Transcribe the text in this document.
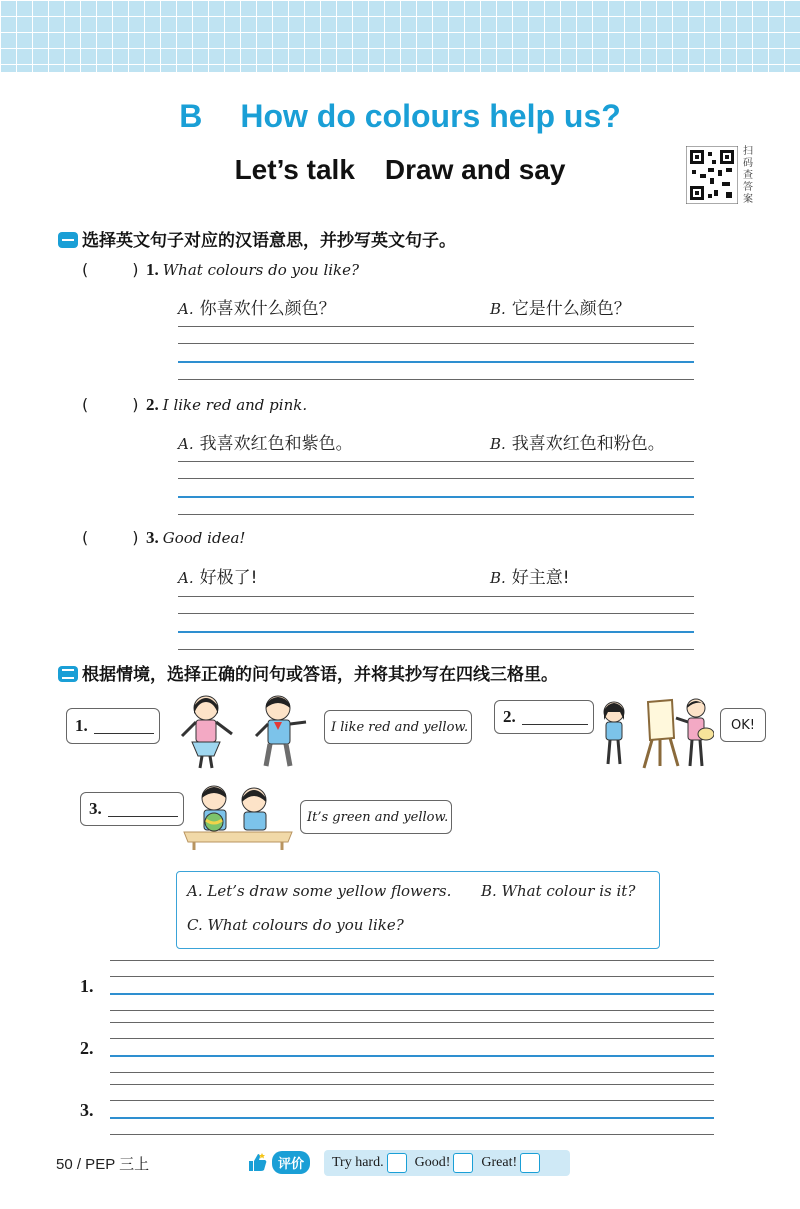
B How do colours help us?
Let’s talk Draw and say
扫码查答案
选择英文句子对应的汉语意思，并抄写英文句子。
(	) 1. What colours do you like?
A. 你喜欢什么颜色？	B. 它是什么颜色？
(	) 2. I like red and pink.
A. 我喜欢红色和紫色。	B. 我喜欢红色和粉色。
(	) 3. Good idea!
A. 好极了!	B. 好主意!
根据情境，选择正确的问句或答语，并将其抄写在四线三格里。
1.	I like red and yellow.
2.	OK!
3.	It’s green and yellow.
A. Let’s draw some yellow flowers. B. What colour is it?
C. What colours do you like?
1.
2.
3.
50 / PEP 三上	评价	Try hard. Good! Great!
